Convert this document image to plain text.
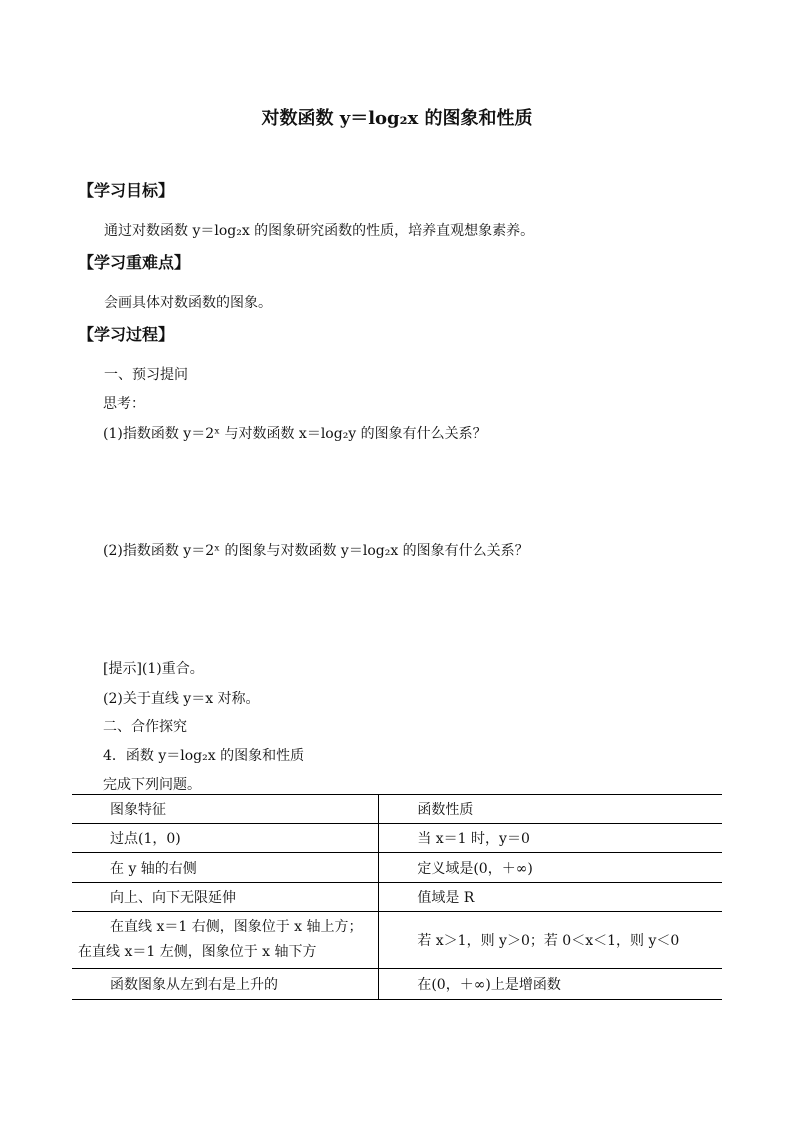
对数函数 y＝log₂x 的图象和性质
【学习目标】
通过对数函数 y＝log₂x 的图象研究函数的性质，培养直观想象素养。
【学习重难点】
会画具体对数函数的图象。
【学习过程】
一、预习提问
思考：
(1)指数函数 y＝2ˣ 与对数函数 x＝log₂y 的图象有什么关系？
(2)指数函数 y＝2ˣ 的图象与对数函数 y＝log₂x 的图象有什么关系？
[提示](1)重合。
(2)关于直线 y＝x 对称。
二、合作探究
4．函数 y＝log₂x 的图象和性质
完成下列问题。
图象特征	函数性质

过点(1，0)	当 x＝1 时，y＝0

在 y 轴的右侧	定义域是(0，＋∞)

向上、向下无限延伸	值域是 R

在直线 x＝1 右侧，图象位于 x 轴上方；
在直线 x＝1 左侧，图象位于 x 轴下方	若 x＞1，则 y＞0；若 0＜x＜1，则 y＜0

函数图象从左到右是上升的	在(0，＋∞)上是增函数
